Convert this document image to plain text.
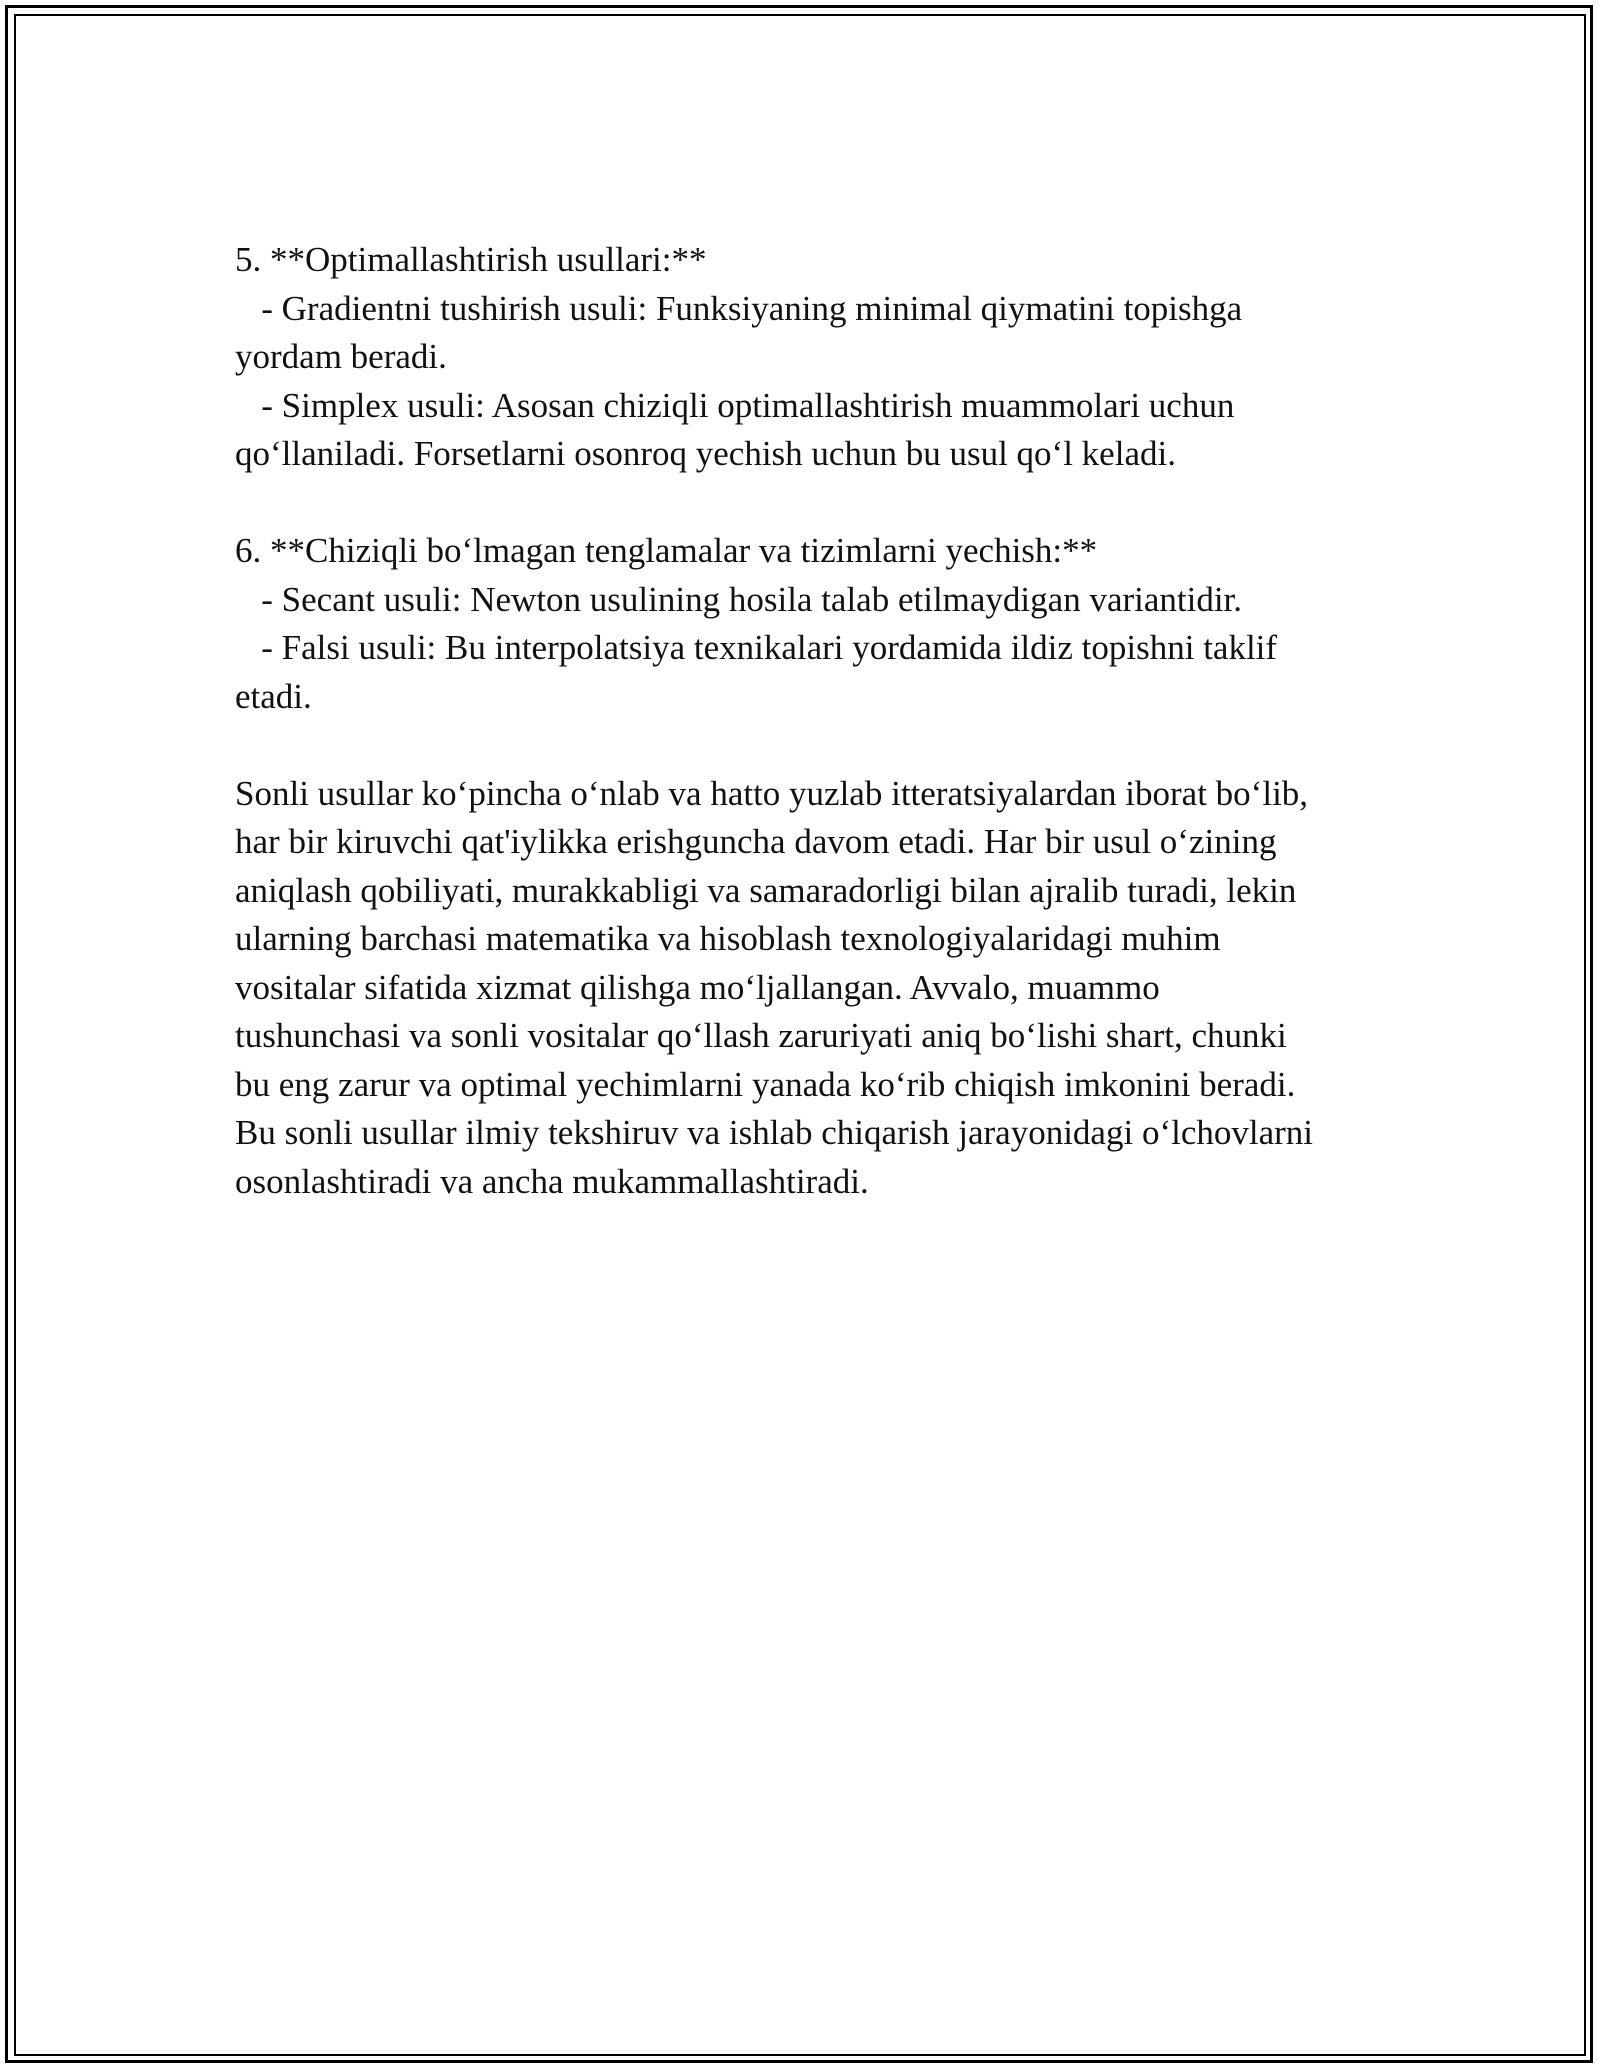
5. **Optimallashtirish usullari:**
- Gradientni tushirish usuli: Funksiyaning minimal qiymatini topishga
yordam beradi.
- Simplex usuli: Asosan chiziqli optimallashtirish muammolari uchun
qo‘llaniladi. Forsetlarni osonroq yechish uchun bu usul qo‘l keladi.
6. **Chiziqli bo‘lmagan tenglamalar va tizimlarni yechish:**
- Secant usuli: Newton usulining hosila talab etilmaydigan variantidir.
- Falsi usuli: Bu interpolatsiya texnikalari yordamida ildiz topishni taklif
etadi.
Sonli usullar ko‘pincha o‘nlab va hatto yuzlab itteratsiyalardan iborat bo‘lib,
har bir kiruvchi qat'iylikka erishguncha davom etadi. Har bir usul o‘zining
aniqlash qobiliyati, murakkabligi va samaradorligi bilan ajralib turadi, lekin
ularning barchasi matematika va hisoblash texnologiyalaridagi muhim
vositalar sifatida xizmat qilishga mo‘ljallangan. Avvalo, muammo
tushunchasi va sonli vositalar qo‘llash zaruriyati aniq bo‘lishi shart, chunki
bu eng zarur va optimal yechimlarni yanada ko‘rib chiqish imkonini beradi.
Bu sonli usullar ilmiy tekshiruv va ishlab chiqarish jarayonidagi o‘lchovlarni
osonlashtiradi va ancha mukammallashtiradi.
